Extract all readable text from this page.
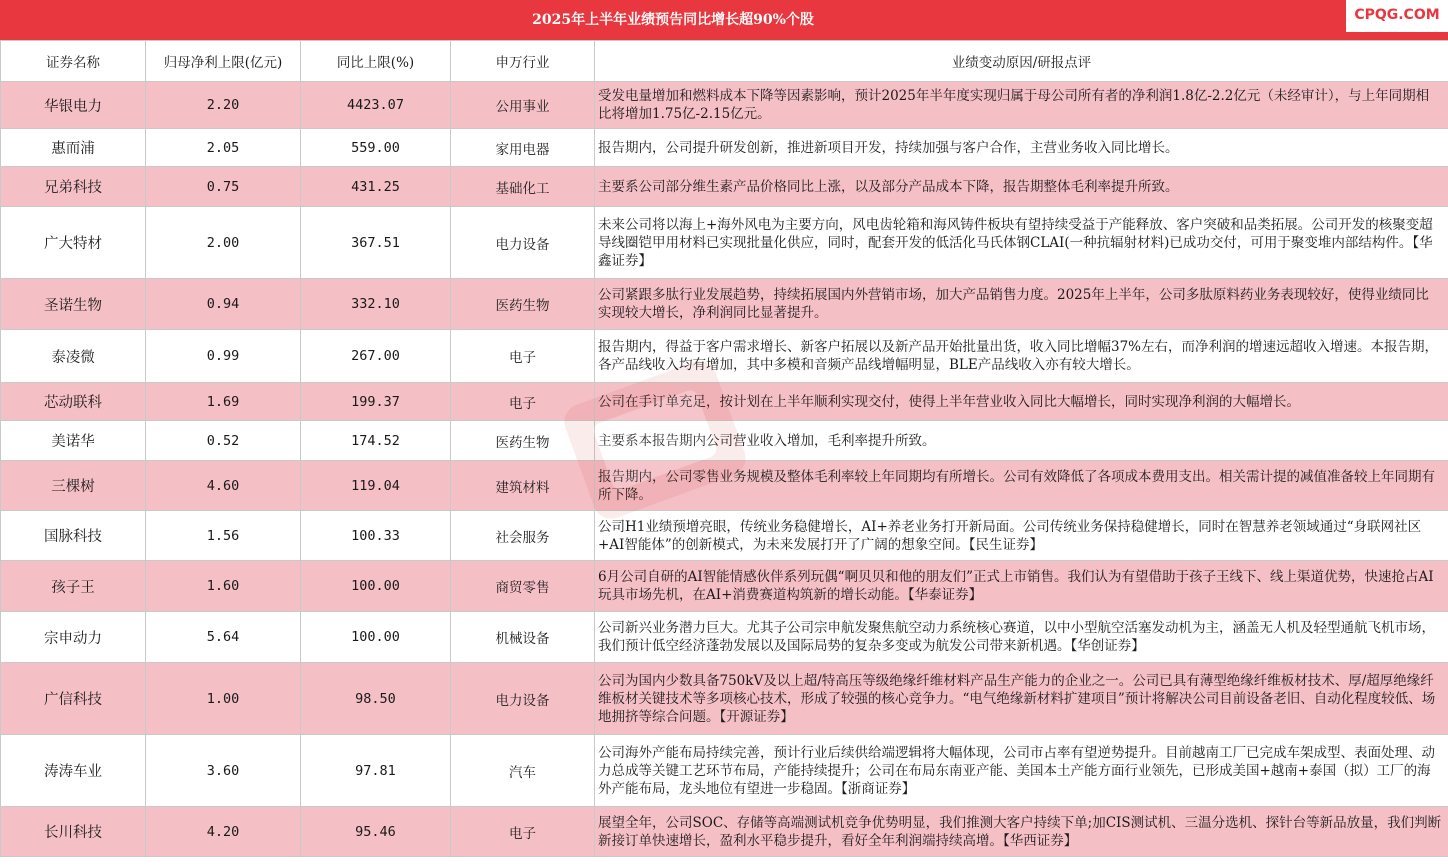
2025年上半年业绩预告同比增长超90%个股	CPQG.COM
证券名称	归母净利上限(亿元)	同比上限(%)	申万行业	业绩变动原因/研报点评
华银电力	2.20	4423.07	公用事业	受发电量增加和燃料成本下降等因素影响，预计2025年半年度实现归属于母公司所有者的净利润1.8亿-2.2亿元（未经审计），与上年同期相比将增加1.75亿-2.15亿元。
惠而浦	2.05	559.00	家用电器	报告期内，公司提升研发创新，推进新项目开发，持续加强与客户合作，主营业务收入同比增长。
兄弟科技	0.75	431.25	基础化工	主要系公司部分维生素产品价格同比上涨，以及部分产品成本下降，报告期整体毛利率提升所致。
广大特材	2.00	367.51	电力设备	未来公司将以海上+海外风电为主要方向，风电齿轮箱和海风铸件板块有望持续受益于产能释放、客户突破和品类拓展。公司开发的核聚变超导线圈铠甲用材料已实现批量化供应，同时，配套开发的低活化马氏体钢CLAI(一种抗辐射材料)已成功交付，可用于聚变堆内部结构件。【华鑫证券】
圣诺生物	0.94	332.10	医药生物	公司紧跟多肽行业发展趋势，持续拓展国内外营销市场，加大产品销售力度。2025年上半年，公司多肽原料药业务表现较好，使得业绩同比实现较大增长，净利润同比显著提升。
泰凌微	0.99	267.00	电子	报告期内，得益于客户需求增长、新客户拓展以及新产品开始批量出货，收入同比增幅37%左右，而净利润的增速远超收入增速。本报告期，各产品线收入均有增加，其中多模和音频产品线增幅明显，BLE产品线收入亦有较大增长。
芯动联科	1.69	199.37	电子	公司在手订单充足，按计划在上半年顺利实现交付，使得上半年营业收入同比大幅增长，同时实现净利润的大幅增长。
美诺华	0.52	174.52	医药生物	主要系本报告期内公司营业收入增加，毛利率提升所致。
三棵树	4.60	119.04	建筑材料	报告期内，公司零售业务规模及整体毛利率较上年同期均有所增长。公司有效降低了各项成本费用支出。相关需计提的减值准备较上年同期有所下降。
国脉科技	1.56	100.33	社会服务	公司H1业绩预增亮眼，传统业务稳健增长，AI+养老业务打开新局面。公司传统业务保持稳健增长，同时在智慧养老领域通过“身联网社区+AI智能体”的创新模式，为未来发展打开了广阔的想象空间。【民生证券】
孩子王	1.60	100.00	商贸零售	6月公司自研的AI智能情感伙伴系列玩偶“啊贝贝和他的朋友们”正式上市销售。我们认为有望借助于孩子王线下、线上渠道优势，快速抢占AI玩具市场先机，在AI+消费赛道构筑新的增长动能。【华泰证券】
宗申动力	5.64	100.00	机械设备	公司新兴业务潜力巨大。尤其子公司宗申航发聚焦航空动力系统核心赛道，以中小型航空活塞发动机为主，涵盖无人机及轻型通航飞机市场，我们预计低空经济蓬勃发展以及国际局势的复杂多变或为航发公司带来新机遇。【华创证券】
广信科技	1.00	98.50	电力设备	公司为国内少数具备750kV及以上超/特高压等级绝缘纤维材料产品生产能力的企业之一。公司已具有薄型绝缘纤维板材技术、厚/超厚绝缘纤维板材关键技术等多项核心技术，形成了较强的核心竞争力。“电气绝缘新材料扩建项目”预计将解决公司目前设备老旧、自动化程度较低、场地拥挤等综合问题。【开源证券】
涛涛车业	3.60	97.81	汽车	公司海外产能布局持续完善，预计行业后续供给端逻辑将大幅体现，公司市占率有望逆势提升。目前越南工厂已完成车架成型、表面处理、动力总成等关键工艺环节布局，产能持续提升；公司在布局东南亚产能、美国本土产能方面行业领先，已形成美国+越南+泰国（拟）工厂的海外产能布局，龙头地位有望进一步稳固。【浙商证券】
长川科技	4.20	95.46	电子	展望全年，公司SOC、存储等高端测试机竞争优势明显，我们推测大客户持续下单;加CIS测试机、三温分选机、探针台等新品放量，我们判断新接订单快速增长，盈利水平稳步提升，看好全年利润端持续高增。【华西证券】
